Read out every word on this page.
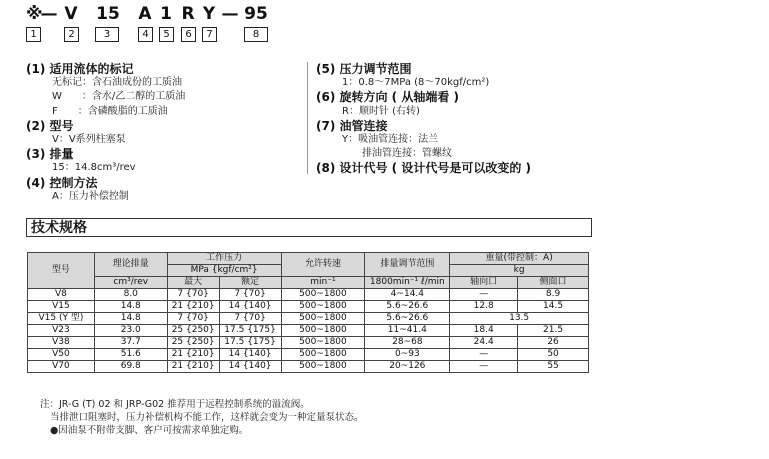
※
— V 15 A 1 R Y — 95
1	2	3	4	5	6	7	8
(1) 适用流体的标记
无标记：含石油成份的工质油
W　　：含水/乙二醇的工质油
F　　：含磷酸脂的工质油
(2) 型号
V：V系列柱塞泵
(3) 排量
15：14.8cm³/rev
(4) 控制方法
A：压力补偿控制
(5) 压力调节范围
1：0.8～7MPa (8～70kgf/cm²)
(6) 旋转方向 ( 从轴端看 )
R：顺时针 (右转)
(7) 油管连接
Y：吸油管连接：法兰
　　排油管连接：管螺纹
(8) 设计代号 ( 设计代号是可以改变的 )
技术规格
型号	理论排量	工作压力		允许转速	排量调节范围	重量(带控制：A)	
		MPa {kgf/cm²}				kg	
	cm³/rev	最大	额定	min⁻¹	1800min⁻¹ ℓ/min	轴向口	侧面口
V8	8.0	7 {70}	7 {70}	500~1800	4~14.4	—	8.9
V15	14.8	21 {210}	14 {140}	500~1800	5.6~26.6	12.8	14.5
V15 (Y 型)	14.8	7 {70}	7 {70}	500~1800	5.6~26.6	13.5	
V23	23.0	25 {250}	17.5 {175}	500~1800	11~41.4	18.4	21.5
V38	37.7	25 {250}	17.5 {175}	500~1800	28~68	24.4	26
V50	51.6	21 {210}	14 {140}	500~1800	0~93	—	50
V70	69.8	21 {210}	14 {140}	500~1800	20~126	—	55
注：JR-G (T) 02 和 JRP-G02 推荐用于远程控制系统的溢流阀。
当排泄口阻塞时，压力补偿机构不能工作，这样就会变为一种定量泵状态。
●因油泵不附带支脚、客户可按需求单独定购。
